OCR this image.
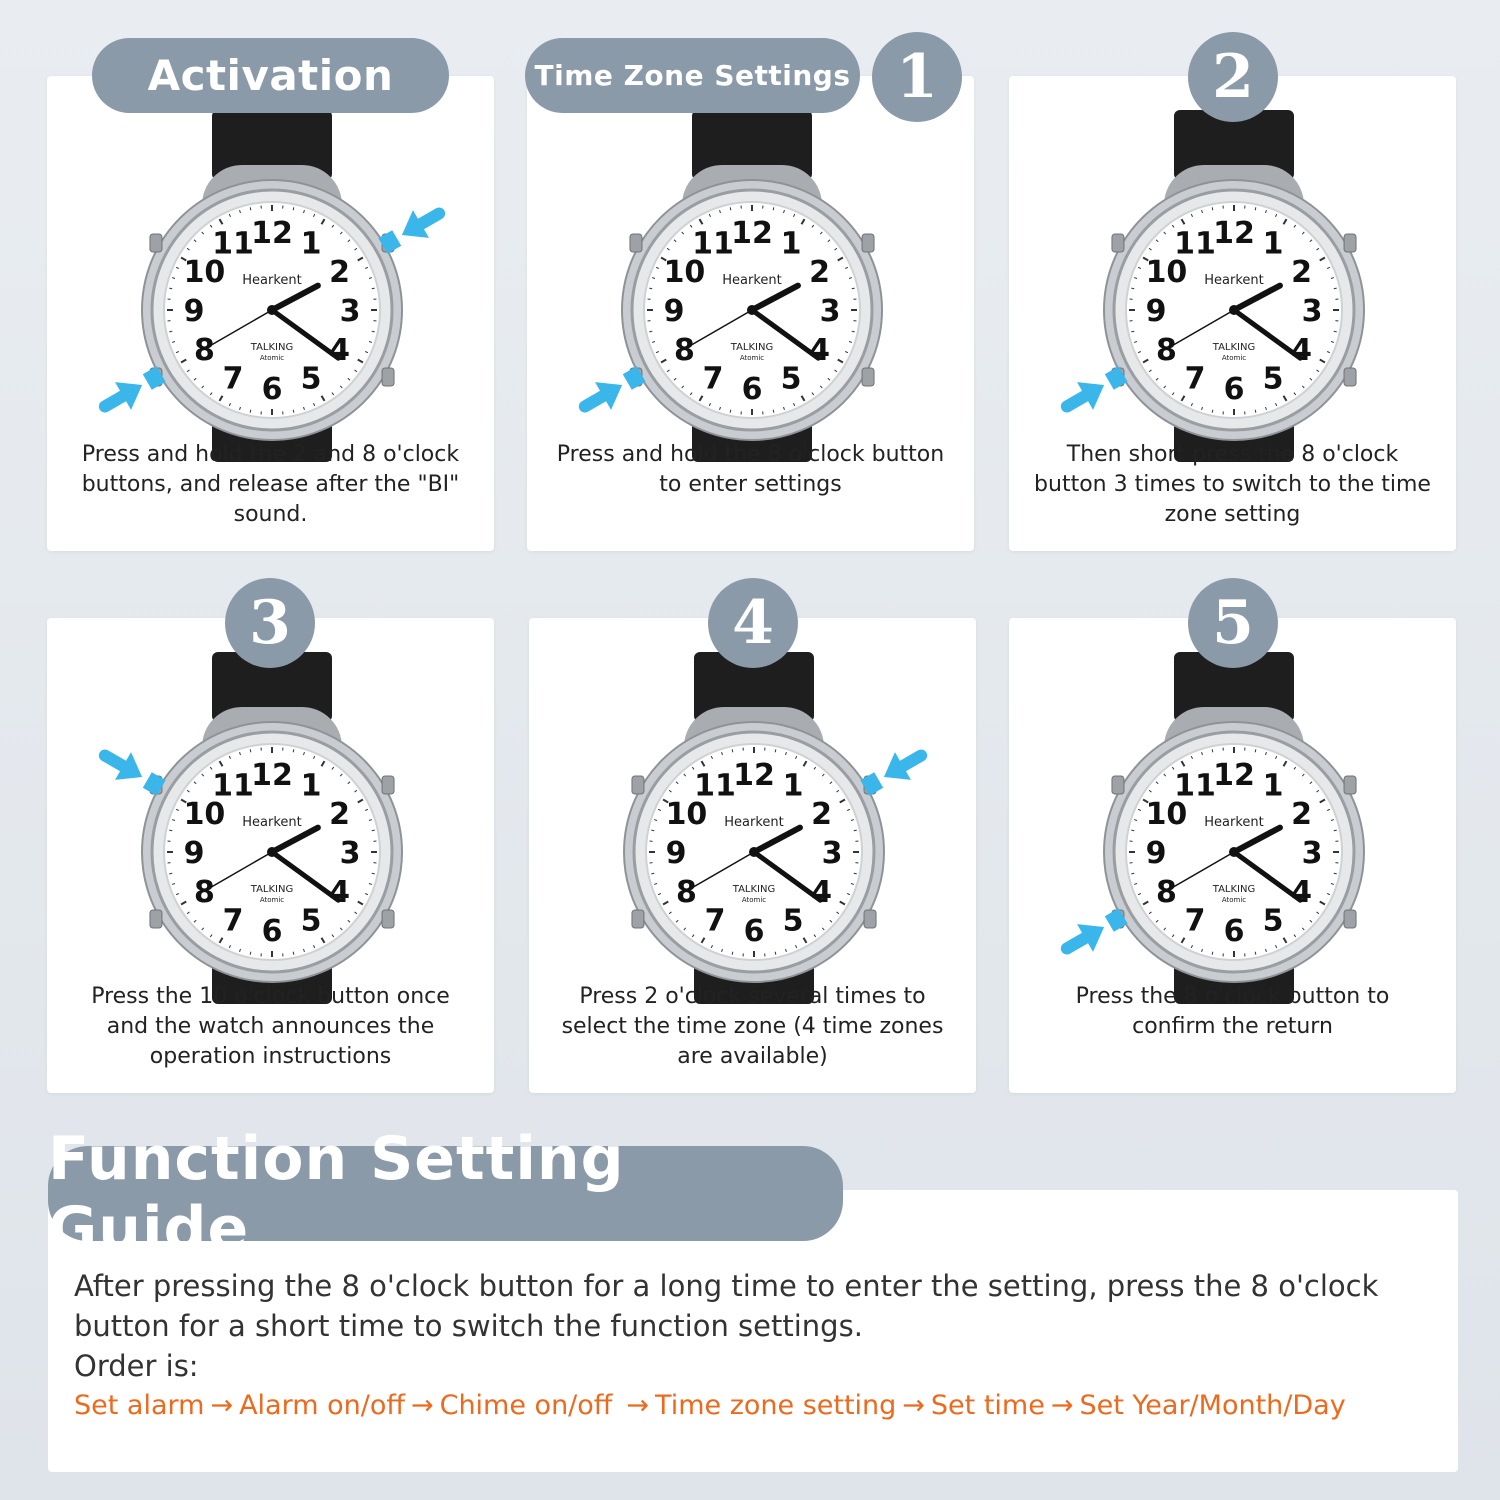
12 1
2
3
4
5
6
7
8
9
10
11
Hearkent
TALKING
Atomic
Press and hold the 2 and 8 o'clock buttons, and release after the "BI" sound.
12 1
2
3
4
5
6
7
8
9
10
11
Hearkent
TALKING
Atomic
Press and hold the 8 o'clock button to enter settings
12 1
2
3
4
5
6
7
8
9
10
11
Hearkent
TALKING
Atomic
Then short press the 8 o'clock button 3 times to switch to the time zone setting
12 1
2
3
4
5
6
7
8
9
10
11
Hearkent
TALKING
Atomic
Press the 10 o'clock button once and the watch announces the operation instructions
12 1
2
3
4
5
6
7
8
9
10
11
Hearkent
TALKING
Atomic
Press 2 o'clock several times to select the time zone (4 time zones are available)
12 1
2
3
4
5
6
7
8
9
10
11
Hearkent
TALKING
Atomic
Press the 8 o'clock button to confirm the return
Activation	Time Zone Settings 1	2
3	4	5
Function Setting Guide
After pressing the 8 o'clock button for a long time to enter the setting, press the 8 o'clock button for a short time to switch the function settings.
Order is:
Set alarm → Alarm on/off → Chime on/off → Time zone setting → Set time → Set Year/Month/Day
